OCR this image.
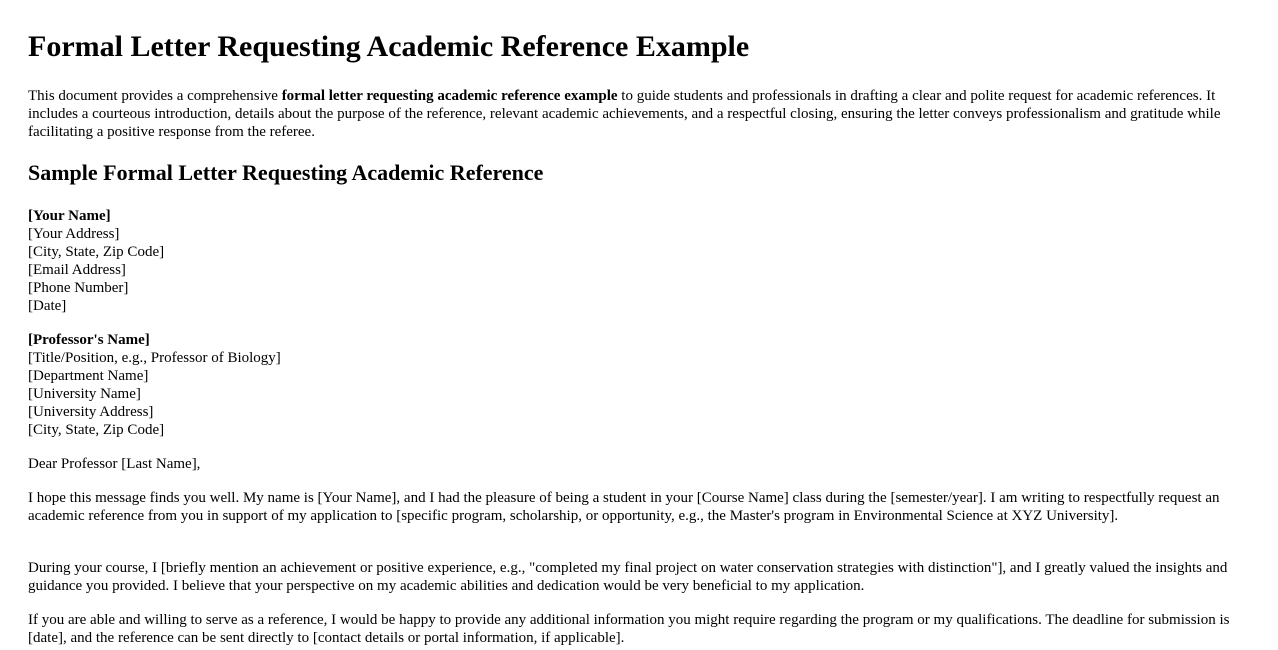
Formal Letter Requesting Academic Reference Example

This document provides a comprehensive formal letter requesting academic reference example to guide students and professionals in drafting a clear and polite request for academic references. It includes a courteous introduction, details about the purpose of the reference, relevant academic achievements, and a respectful closing, ensuring the letter conveys professionalism and gratitude while facilitating a positive response from the referee.

Sample Formal Letter Requesting Academic Reference
[Your Name]
[Your Address]
[City, State, Zip Code]
[Email Address]
[Phone Number]
[Date]
[Professor's Name]
[Title/Position, e.g., Professor of Biology]
[Department Name]
[University Name]
[University Address]
[City, State, Zip Code]

Dear Professor [Last Name],

I hope this message finds you well. My name is [Your Name], and I had the pleasure of being a student in your [Course Name] class during the [semester/year]. I am writing to respectfully request an academic reference from you in support of my application to [specific program, scholarship, or opportunity, e.g., the Master's program in Environmental Science at XYZ University].

During your course, I [briefly mention an achievement or positive experience, e.g., "completed my final project on water conservation strategies with distinction"], and I greatly valued the insights and guidance you provided. I believe that your perspective on my academic abilities and dedication would be very beneficial to my application.

If you are able and willing to serve as a reference, I would be happy to provide any additional information you might require regarding the program or my qualifications. The deadline for submission is [date], and the reference can be sent directly to [contact details or portal information, if applicable].
